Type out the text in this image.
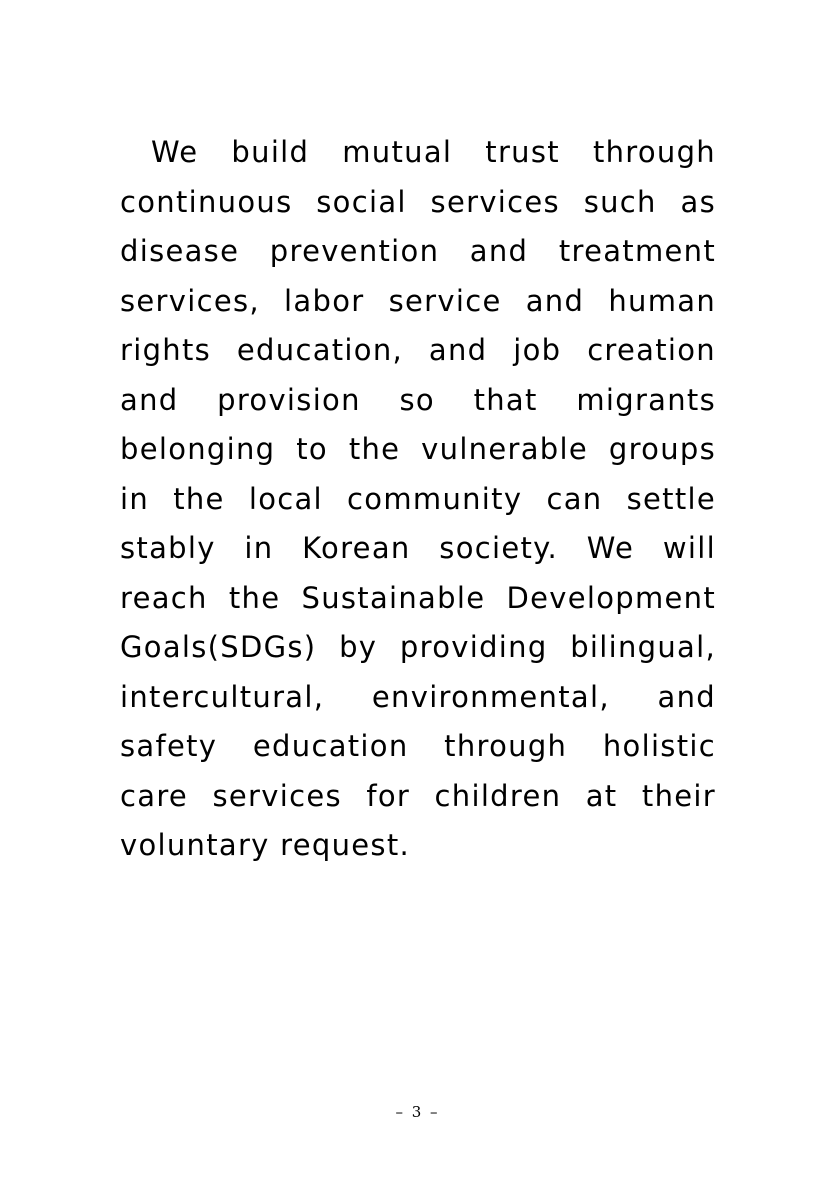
We build mutual trust through
continuous social services such as
disease prevention and treatment
services, labor service and human
rights education, and job creation
and provision so that migrants
belonging to the vulnerable groups
in the local community can settle
stably in Korean society. We will
reach the Sustainable Development
Goals(SDGs) by providing bilingual,
intercultural, environmental, and
safety education through holistic
care services for children at their
voluntary request.
– 3 –
